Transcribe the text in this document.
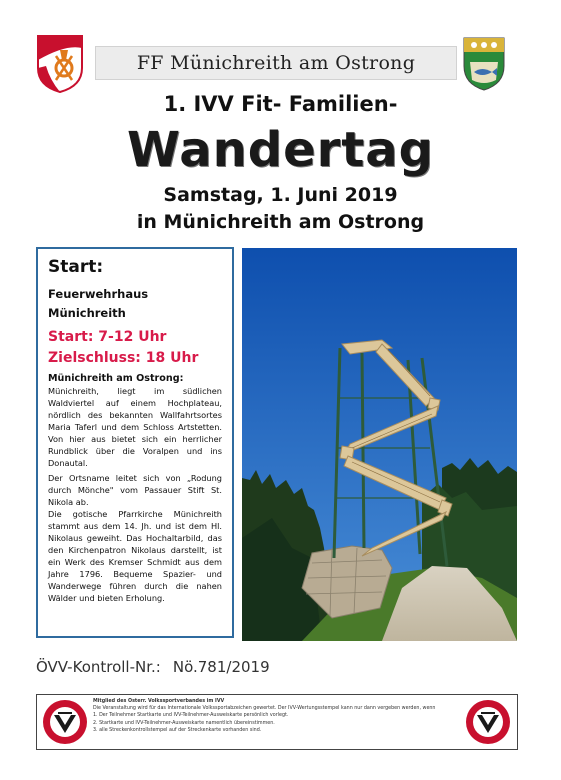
FF Münichreith am Ostrong
1. IVV Fit- Familien-
Wandertag
Samstag, 1. Juni 2019
in Münichreith am Ostrong
Start:
Feuerwehrhaus
Münichreith
Start: 7-12 Uhr
Zielschluss: 18 Uhr
Münichreith am Ostrong:
Münichreith, liegt im südlichen Waldviertel auf einem Hochplateau, nördlich des bekannten Wallfahrtsortes Maria Taferl und dem Schloss Artstetten. Von hier aus bietet sich ein herrlicher Rundblick über die Voralpen und ins Donautal.
Der Ortsname leitet sich von „Rodung durch Mönche" vom Passauer Stift St. Nikola ab.
Die gotische Pfarrkirche Münichreith stammt aus dem 14. Jh. und ist dem Hl. Nikolaus geweiht. Das Hochaltarbild, das den Kirchenpatron Nikolaus darstellt, ist ein Werk des Kremser Schmidt aus dem Jahre 1796. Bequeme Spazier- und Wanderwege führen durch die nahen Wälder und bieten Erholung.
ÖVV-Kontroll-Nr.: Nö.781/2019
Mitglied des Österr. Volkssportverbandes im IVV
Die Veranstaltung wird für das Internationale Volkssportabzeichen gewertet. Der IVV-Wertungsstempel kann nur dann vergeben werden, wenn
1. Der Teilnehmer Startkarte und IVV-Teilnehmer-Ausweiskarte persönlich vorlegt.
2. Startkarte und IVV-Teilnehmer-Ausweiskarte namentlich übereinstimmen.
3. alle Streckenkontrollstempel auf der Streckenkarte vorhanden sind.
